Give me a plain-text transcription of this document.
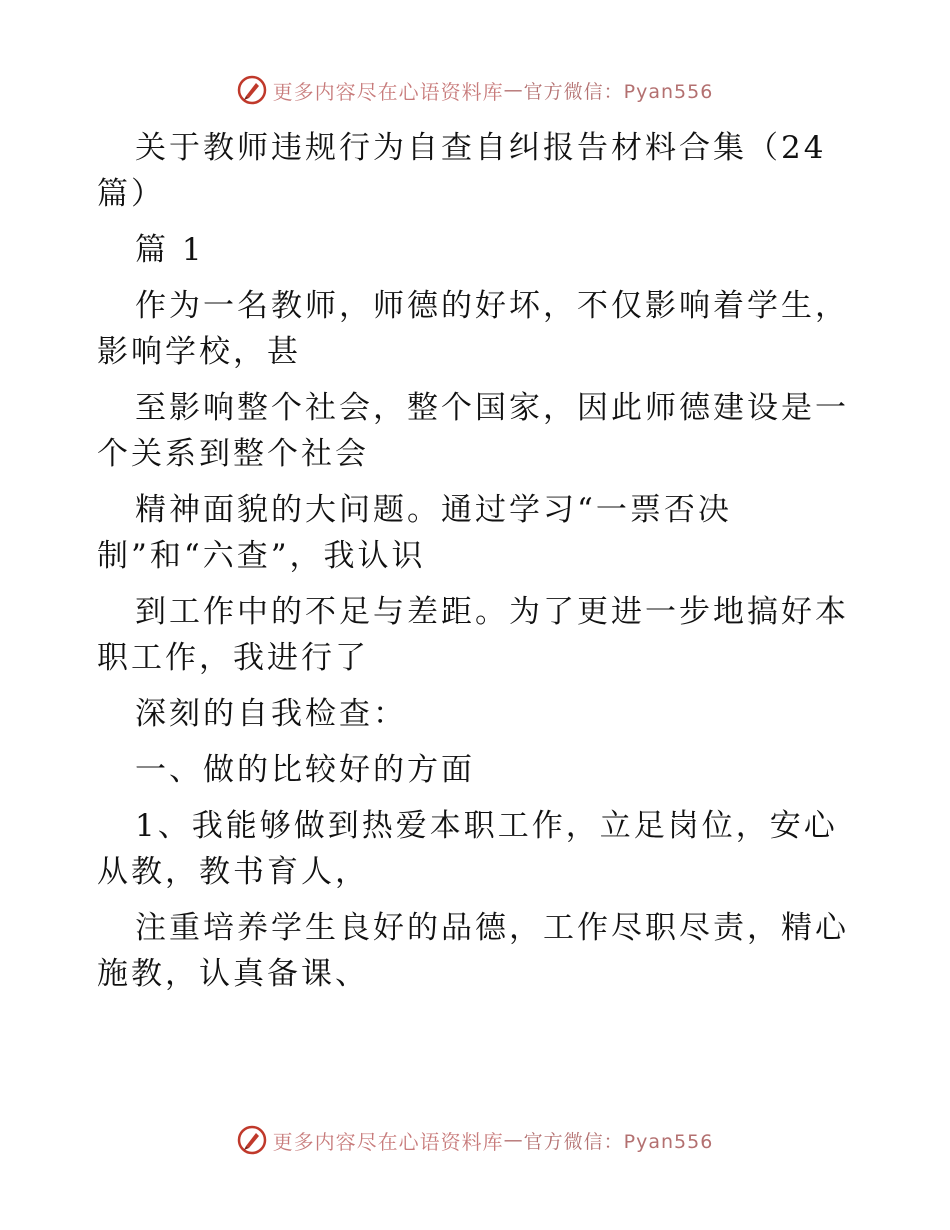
更多内容尽在心语资料库 — 官方微信：Pyan556
关于教师违规行为自查自纠报告材料合集（24
篇）
篇 1
作为一名教师，师德的好坏，不仅影响着学生，
影响学校，甚
至影响整个社会，整个国家，因此师德建设是一
个关系到整个社会
精神面貌的大问题。通过学习“一票否决
制”和“六查”，我认识
到工作中的不足与差距。为了更进一步地搞好本
职工作，我进行了
深刻的自我检查：
一、做的比较好的方面
1、我能够做到热爱本职工作，立足岗位，安心
从教，教书育人，
注重培养学生良好的品德，工作尽职尽责，精心
施教，认真备课、
更多内容尽在心语资料库 — 官方微信：Pyan556
